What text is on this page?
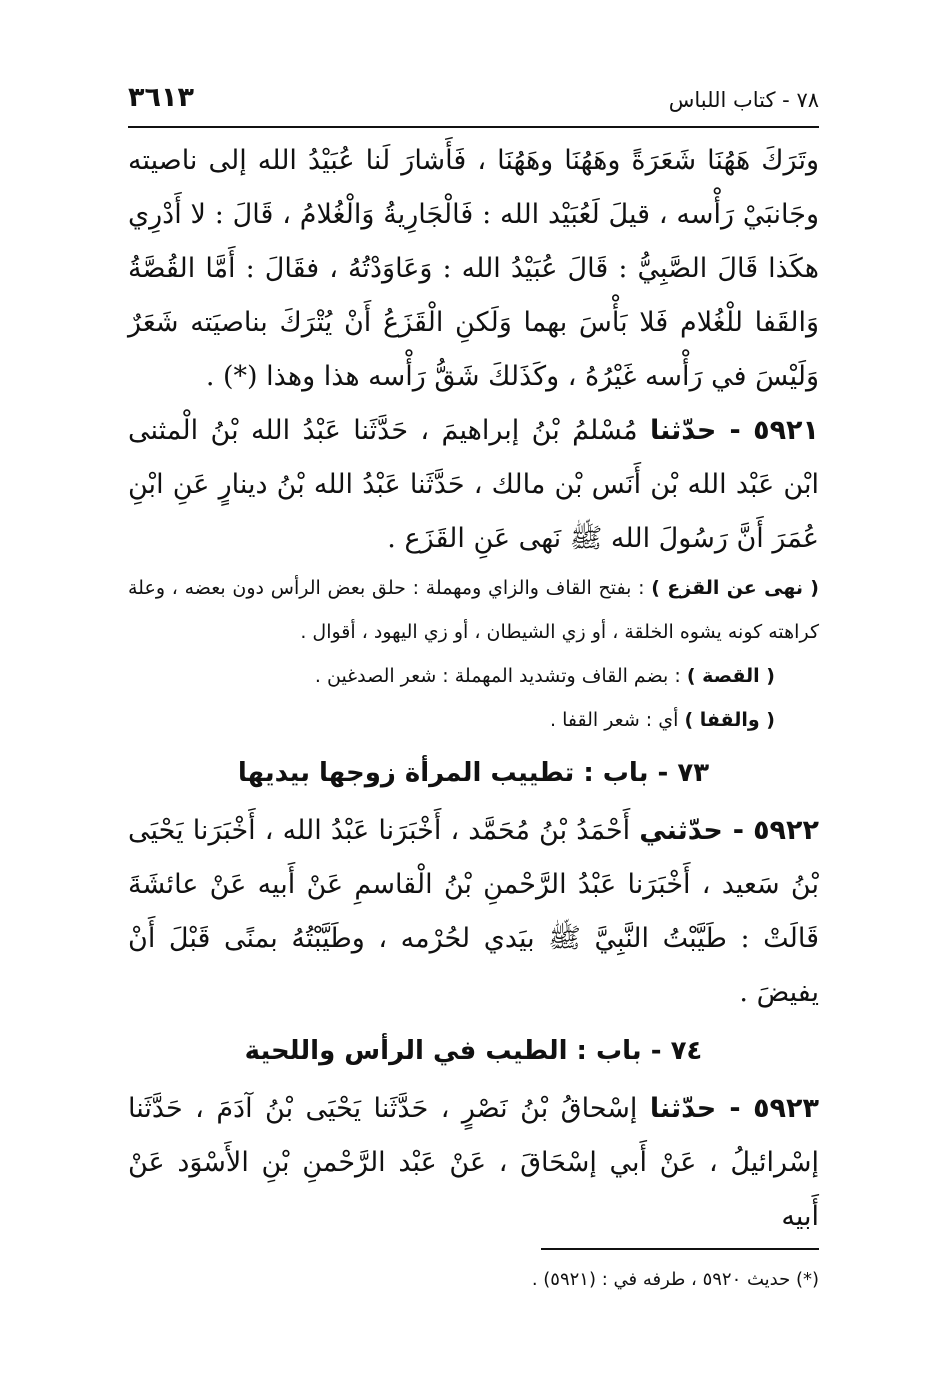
٧٨ - كتاب اللباس
٣٦١٣

وتَرَكَ هَهُنَا شَعَرَةً وهَهُنَا وهَهُنَا ، فَأَشارَ لَنا عُبَيْدُ الله إلى ناصيته وجَانبَيْ رَأْسه ، قيلَ لَعُبَيْد الله : فَالْجَارِيةُ وَالْغُلامُ ، قَالَ : لا أَدْرِي هكَذا قَالَ الصَّبِيُّ : قَالَ عُبَيْدُ الله : وَعَاوَدْتُهُ ، فقَالَ : أَمَّا القُصَّةُ وَالقَفا للْغُلام فَلا بَأْسَ بهما وَلَكنِ الْقَزَعُ أَنْ يُتْرَكَ بناصيَته شَعَرٌ وَلَيْسَ في رَأْسه غَيْرُهُ ، وكَذَلكَ شَقُّ رَأْسه هذا وهذا (*) .

٥٩٢١ - حدّثنا مُسْلمُ بْنُ إبراهيمَ ، حَدَّثَنا عَبْدُ الله بْنُ الْمثنى ابْن عَبْد الله بْن أَنَس بْن مالك ، حَدَّثَنا عَبْدُ الله بْنُ دينارٍ عَنِ ابْنِ عُمَرَ أَنَّ رَسُولَ الله ﷺ نَهى عَنِ القَزَع .

( نهى عن القزع ) : بفتح القاف والزاي ومهملة : حلق بعض الرأس دون بعضه ، وعلة كراهته كونه يشوه الخلقة ، أو زي الشيطان ، أو زي اليهود ، أقوال .

( القصة ) : بضم القاف وتشديد المهملة : شعر الصدغين .

( والقفا ) أي : شعر القفا .

٧٣ - باب : تطييب المرأة زوجها بيديها

٥٩٢٢ - حدّثني أَحْمَدُ بْنُ مُحَمَّد ، أَخْبَرَنا عَبْدُ الله ، أَخْبَرَنا يَحْيَى بْنُ سَعيد ، أَخْبَرَنا عَبْدُ الرَّحْمنِ بْنُ الْقاسمِ عَنْ أَبيه عَنْ عائشَةَ قَالَتْ : طَيَّبْتُ النَّبِيَّ ﷺ بيَدي لحُرْمه ، وطَيَّبْتُهُ بمنًى قَبْلَ أَنْ يفيضَ .

٧٤ - باب : الطيب في الرأس واللحية

٥٩٢٣ - حدّثنا إسْحاقُ بْنُ نَصْرٍ ، حَدَّثَنا يَحْيَى بْنُ آدَمَ ، حَدَّثَنا إسْرائيلُ ، عَنْ أَبي إسْحَاقَ ، عَنْ عَبْد الرَّحْمنِ بْنِ الأَسْوَد عَنْ أَبيه

(*) حديث ٥٩٢٠ ، طرفه في : (٥٩٢١) .
